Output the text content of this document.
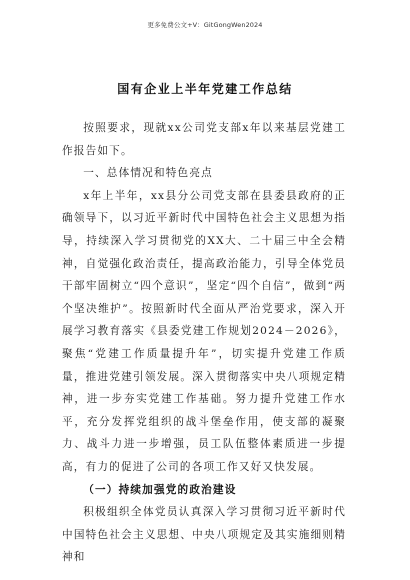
更多免费公文+V：GitGongWen2024
国有企业上半年党建工作总结

按照要求，现就xx公司党支部x年以来基层党建工作报告如下。

一、总体情况和特色亮点

x年上半年，xx县分公司党支部在县委县政府的正确领导下，以习近平新时代中国特色社会主义思想为指导，持续深入学习贯彻党的XX大、二十届三中全会精神，自觉强化政治责任，提高政治能力，引导全体党员干部牢固树立“四个意识”，坚定“四个自信”，做到“两个坚决维护”。按照新时代全面从严治党要求，深入开展学习教育落实《县委党建工作规划2024－2026》，聚焦“党建工作质量提升年”，切实提升党建工作质量，推进党建引领发展。深入贯彻落实中央八项规定精神，进一步夯实党建工作基础。努力提升党建工作水平，充分发挥党组织的战斗堡垒作用，使支部的凝聚力、战斗力进一步增强，员工队伍整体素质进一步提高，有力的促进了公司的各项工作又好又快发展。

（一）持续加强党的政治建设

积极组织全体党员认真深入学习贯彻习近平新时代中国特色社会主义思想、中央八项规定及其实施细则精神和
